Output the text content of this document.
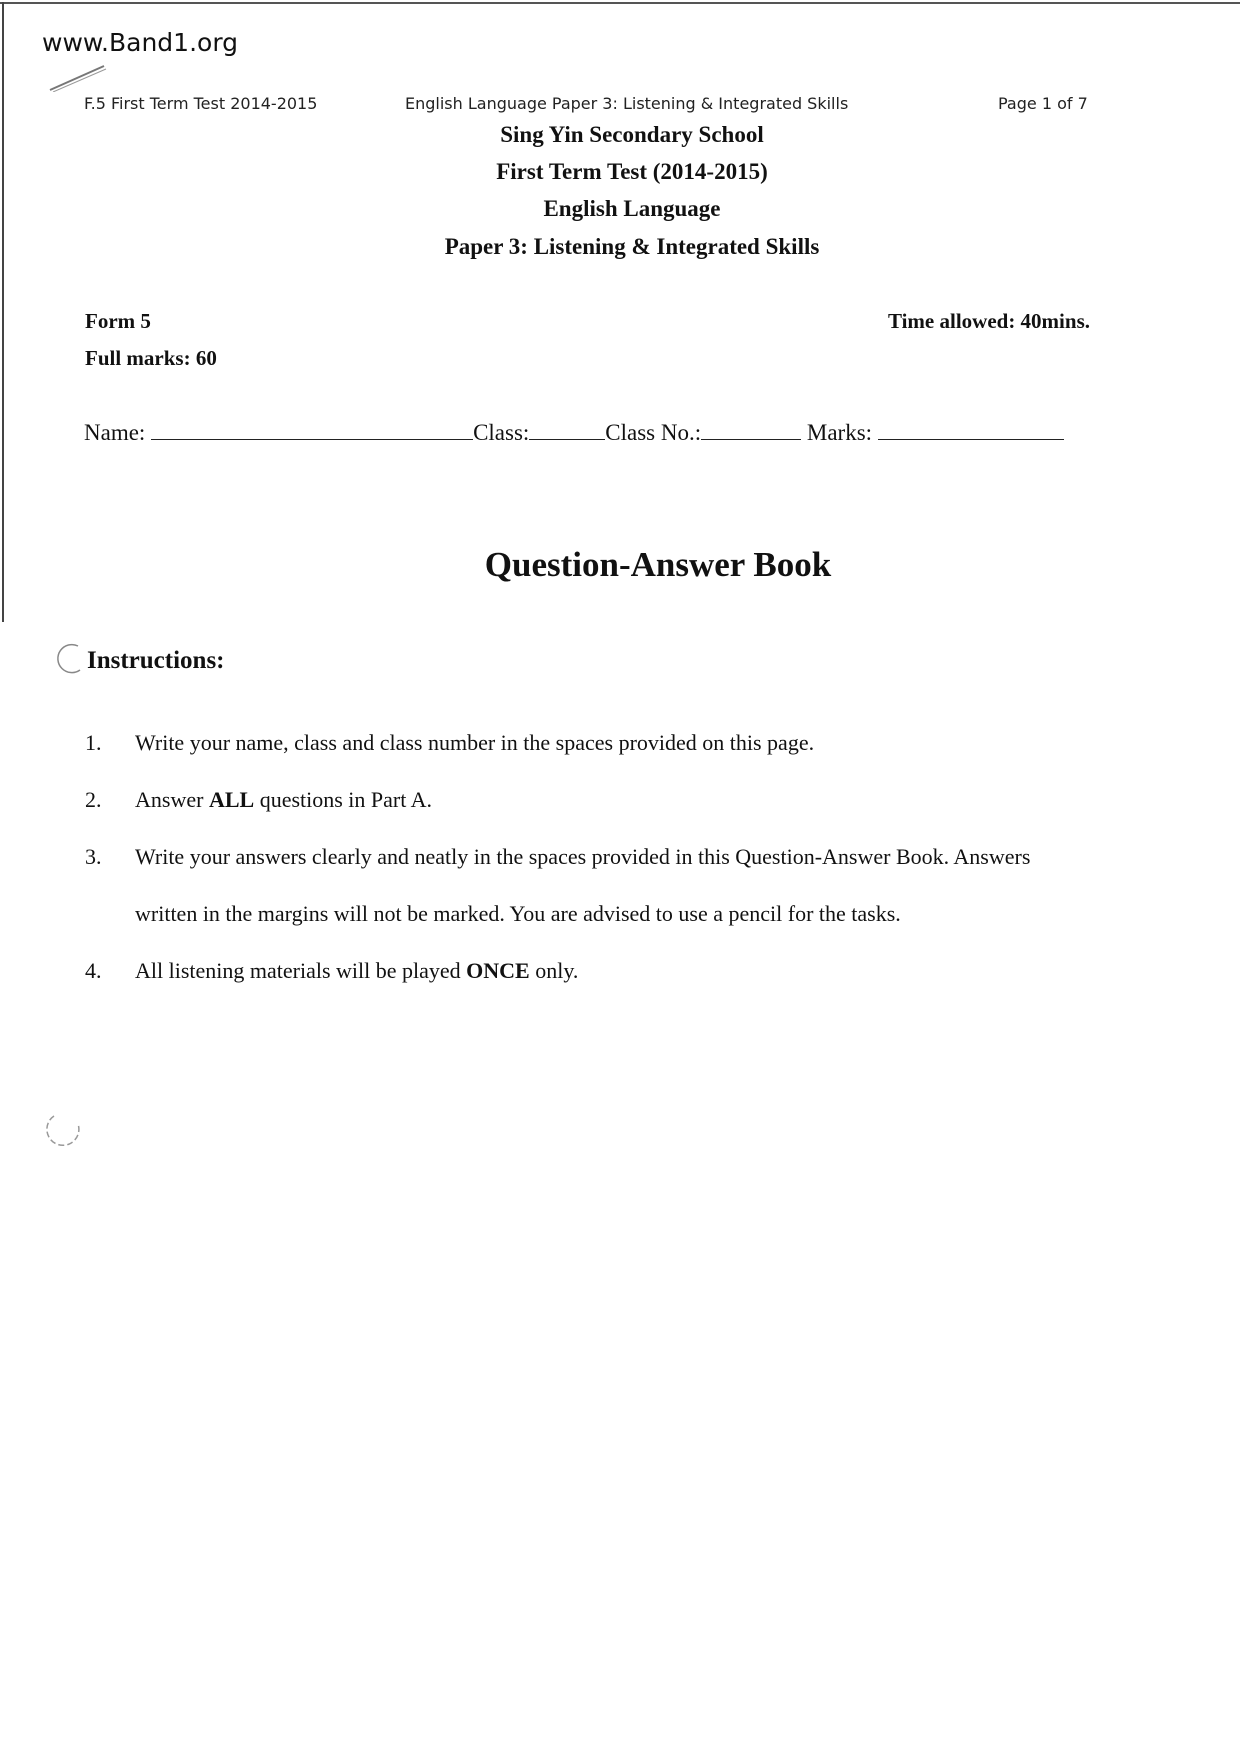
www.Band1.org
F.5 First Term Test 2014-2015	English Language Paper 3: Listening & Integrated Skills	Page 1 of 7
Sing Yin Secondary School
First Term Test (2014-2015)
English Language
Paper 3: Listening & Integrated Skills
Form 5
Full marks: 60
Time allowed: 40mins.
Name:	Class:	Class No.:	Marks:
Question-Answer Book
Instructions:
1. Write your name, class and class number in the spaces provided on this page.
2. Answer ALL questions in Part A.
3. Write your answers clearly and neatly in the spaces provided in this Question-Answer Book. Answers
written in the margins will not be marked. You are advised to use a pencil for the tasks.
4. All listening materials will be played ONCE only.
